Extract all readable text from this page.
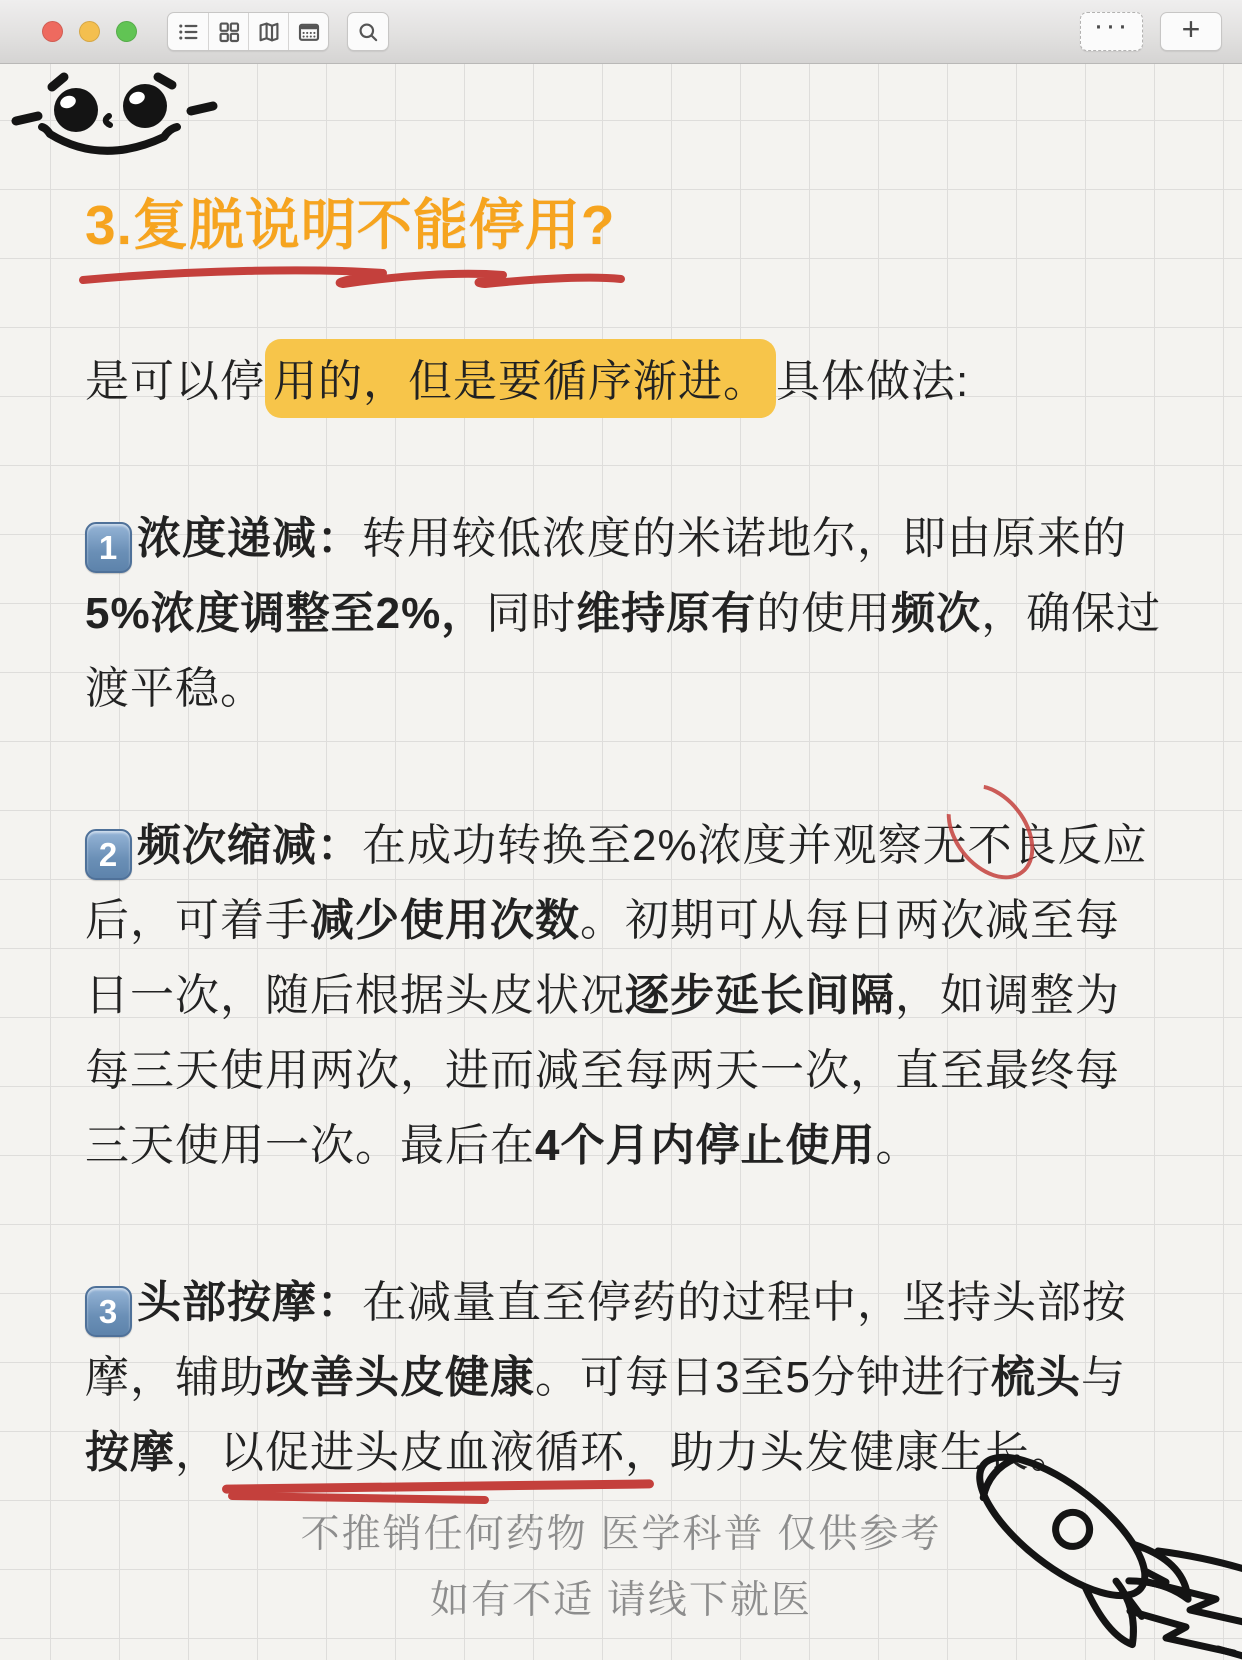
···	+
3.复脱说明不能停用?

是可以停 用的，但是要循序渐进。 具体做法:

1 浓度递减：转用较低浓度的米诺地尔，即由原来的5%浓度调整至2%，同时维持原有的使用频次，确保过渡平稳。

2 频次缩减：在成功转换至2%浓度并观察无不良反应后，可着手减少使用次数。初期可从每日两次减至每日一次，随后根据头皮状况逐步延长间隔，如调整为每三天使用两次，进而减至每两天一次，直至最终每三天使用一次。最后在4个月内停止使用。

3 头部按摩：在减量直至停药的过程中，坚持头部按摩，辅助改善头皮健康。可每日3至5分钟进行梳头与按摩，以促进头皮血液循环，助力头发健康生长。

不推销任何药物 医学科普 仅供参考
如有不适 请线下就医
